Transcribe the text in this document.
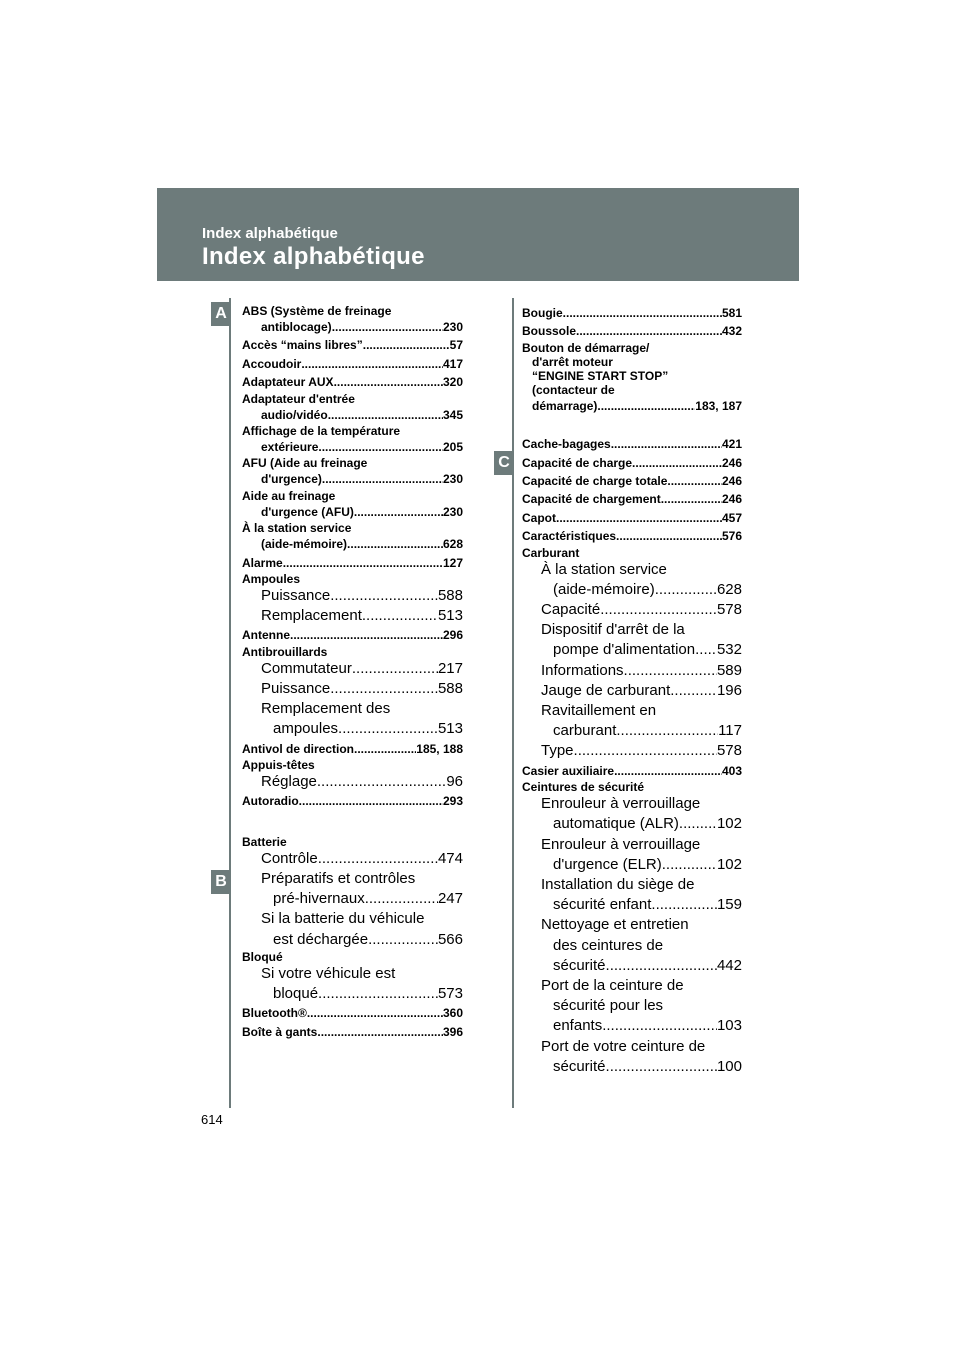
Index alphabétique
Index alphabétique
A
B
C
ABS (Système de freinage
antiblocage) .....	230
Accès “mains libres” .....	57
Accoudoir .....	417
Adaptateur AUX .....	320
Adaptateur d'entrée
audio/vidéo .....	345
Affichage de la température
extérieure .....	205
AFU (Aide au freinage
d'urgence) .....	230
Aide au freinage
d'urgence (AFU) .....	230
À la station service
(aide-mémoire) .....	628
Alarme .....	127
Ampoules
Puissance .....	588
Remplacement .....	513
Antenne .....	296
Antibrouillards
Commutateur .....	217
Puissance .....	588
Remplacement des
ampoules .....	513
Antivol de direction .....	185, 188
Appuis-têtes
Réglage .....	96
Autoradio .....	293
Batterie
Contrôle .....	474
Préparatifs et contrôles
pré-hivernaux .....	247
Si la batterie du véhicule
est déchargée .....	566
Bloqué
Si votre véhicule est
bloqué .....	573
Bluetooth® .....	360
Boîte à gants .....	396
Bougie .....	581
Boussole .....	432
Bouton de démarrage/
d'arrêt moteur
“ENGINE START STOP”
(contacteur de
démarrage) .....	183, 187
Cache-bagages .....	421
Capacité de charge .....	246
Capacité de charge totale .....	246
Capacité de chargement .....	246
Capot .....	457
Caractéristiques .....	576
Carburant
À la station service
(aide-mémoire) .....	628
Capacité .....	578
Dispositif d'arrêt de la
pompe d'alimentation ..... 532
Informations .....	589
Jauge de carburant .....	196
Ravitaillement en
carburant .....	117
Type .....	578
Casier auxiliaire .....	403
Ceintures de sécurité
Enrouleur à verrouillage
automatique (ALR) .....	102
Enrouleur à verrouillage
d'urgence (ELR) .....	102
Installation du siège de
sécurité enfant .....	159
Nettoyage et entretien
des ceintures de
sécurité .....	442
Port de la ceinture de
sécurité pour les
enfants .....	103
Port de votre ceinture de
sécurité .....	100
614
